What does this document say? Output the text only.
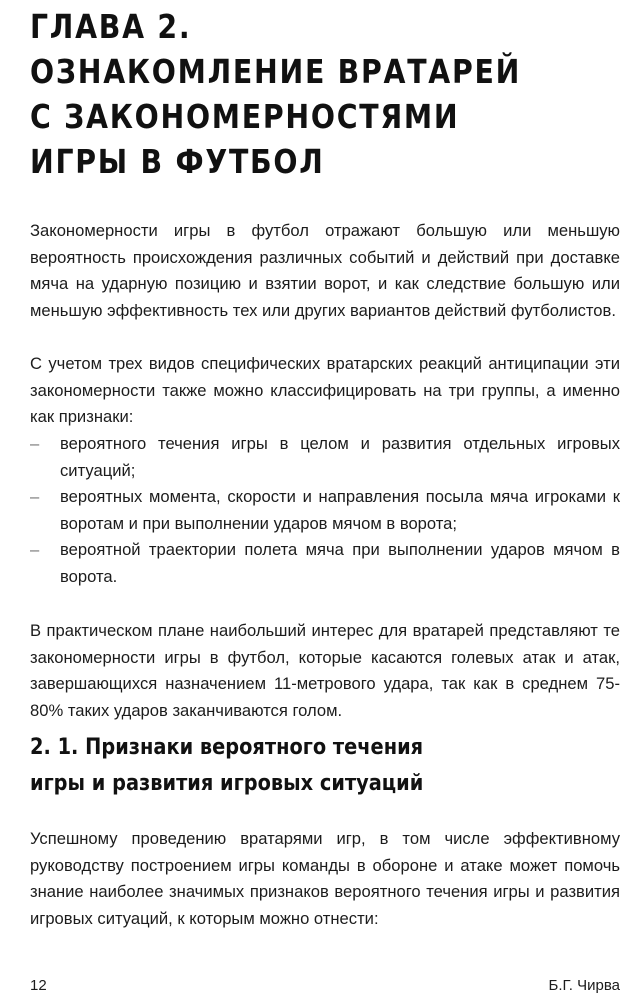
ГЛАВА 2.
ОЗНАКОМЛЕНИЕ ВРАТАРЕЙ
С ЗАКОНОМЕРНОСТЯМИ
ИГРЫ В ФУТБОЛ

Закономерности игры в футбол отражают большую или меньшую вероятность происхождения различных событий и действий при доставке мяча на ударную позицию и взятии ворот, и как следствие большую или меньшую эффективность тех или других вариантов действий футболистов.

С учетом трех видов специфических вратарских реакций антиципации эти закономерности также можно классифицировать на три группы, а именно как признаки:

–	вероятного течения игры в целом и развития отдельных игровых ситуаций;

–	вероятных момента, скорости и направления посыла мяча игроками к воротам и при выполнении ударов мячом в ворота;

–	вероятной траектории полета мяча при выполнении ударов мячом в ворота.

В практическом плане наибольший интерес для вратарей представляют те закономерности игры в футбол, которые касаются голевых атак и атак, завершающихся назначением 11-метрового удара, так как в среднем 75-80% таких ударов заканчиваются голом.

2. 1. Признаки вероятного течения
игры и развития игровых ситуаций

Успешному проведению вратарями игр, в том числе эффективному руководству построением игры команды в обороне и атаке может помочь знание наиболее значимых признаков вероятного течения игры и развития игровых ситуаций, к которым можно отнести:

12	Б.Г. Чирва
